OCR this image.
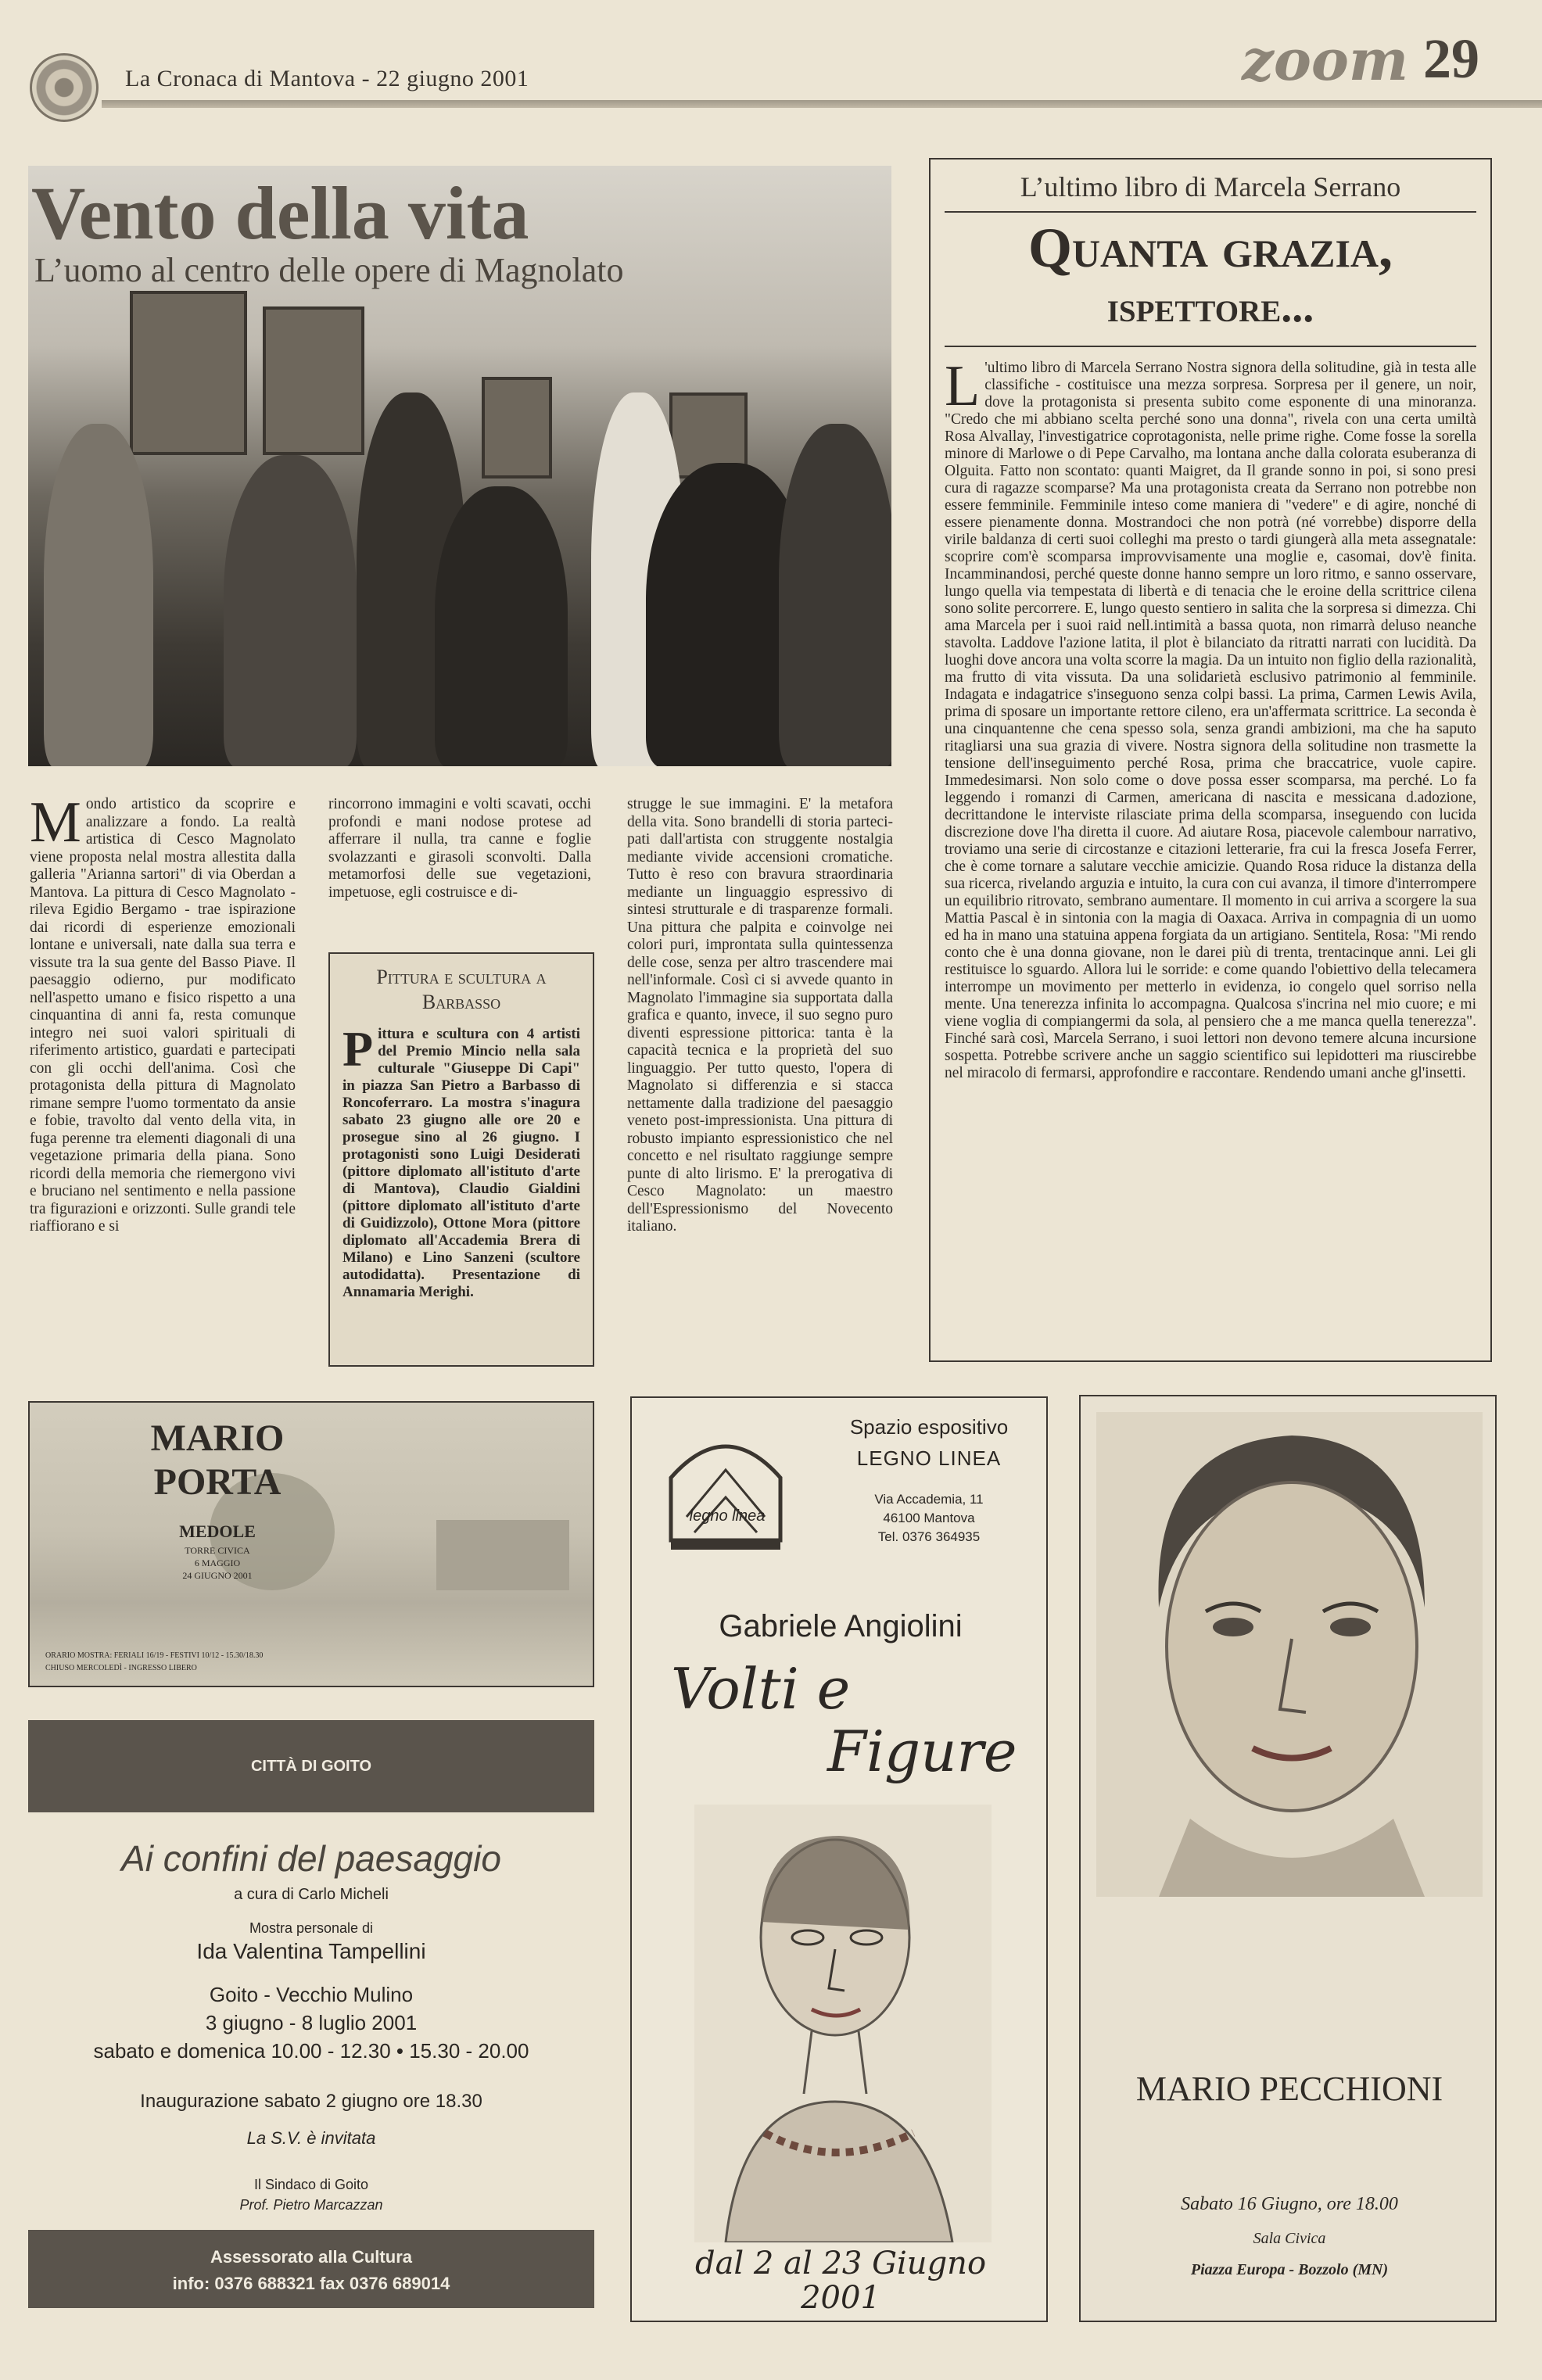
La Cronaca di Mantova - 22 giugno 2001	zoom 29
Vento della vita
L’uomo al centro delle opere di Magnolato
M ondo artistico da scoprire e analizzare a fondo. La realtà artistica di Cesco Magnolato viene proposta nelal mostra allestita dalla galleria "Arianna sartori" di via Oberdan a Mantova. La pittura di Cesco Magnolato - rileva Egidio Bergamo - trae ispirazione dai ricordi di esperienze emozionali lontane e universali, nate dalla sua terra e vissute tra la sua gente del Basso Piave. Il paesaggio odierno, pur modificato nell'aspetto umano e fisico rispetto a una cinquantina di anni fa, resta comunque integro nei suoi valori spirituali di riferimento artistico, guardati e partecipati con gli occhi dell'anima. Così che protagonista della pittura di Magnolato rimane sempre l'uomo tormentato da ansie e fobie, travolto dal vento della vita, in fuga perenne tra elementi diagonali di una vegetazione primaria della piana. Sono ricordi della memoria che riemergono vivi e bruciano nel sentimento e nella passione tra figurazioni e orizzonti. Sulle grandi tele riaffiorano e si
rincorrono immagini e volti scavati, occhi profondi e mani nodose protese ad afferrare il nulla, tra canne e foglie svolazzanti e girasoli sconvolti. Dalla metamorfosi delle sue vegetazioni, impetuose, egli costruisce e di-
strugge le sue immagini. E' la metafora della vita. Sono brandelli di storia parteci-pati dall'artista con struggente nostalgia mediante vivide accensioni cromatiche. Tutto è reso con bravura straordinaria mediante un linguaggio espressivo di sintesi strutturale e di trasparenze formali. Una pittura che palpita e coinvolge nei colori puri, improntata sulla quintessenza delle cose, senza per altro trascendere mai nell'informale. Così ci si avvede quanto in Magnolato l'immagine sia supportata dalla grafica e quanto, invece, il suo segno puro diventi espressione pittorica: tanta è la capacità tecnica e la proprietà del suo linguaggio. Per tutto questo, l'opera di Magnolato si differenzia e si stacca nettamente dalla tradizione del paesaggio veneto post-impressionista. Una pittura di robusto impianto espressionistico che nel concetto e nel risultato raggiunge sempre punte di alto lirismo. E' la prerogativa di Cesco Magnolato: un maestro dell'Espressionismo del Novecento italiano.
Pittura e scultura a Barbasso
P ittura e scultura con 4 artisti del Premio Mincio nella sala culturale "Giuseppe Di Capi" in piazza San Pietro a Barbasso di Roncoferraro. La mostra s'inagura sabato 23 giugno alle ore 20 e prosegue sino al 26 giugno. I protagonisti sono Luigi Desiderati (pittore diplomato all'istituto d'arte di Mantova), Claudio Gialdini (pittore diplomato all'istituto d'arte di Guidizzolo), Ottone Mora (pittore diplomato all'Accademia Brera di Milano) e Lino Sanzeni (scultore autodidatta). Presentazione di Annamaria Merighi.
L’ultimo libro di Marcela Serrano
Quanta grazia,
ispettore...
L 'ultimo libro di Marcela Serrano Nostra signora della solitudine, già in testa alle classifiche - costituisce una mezza sorpresa. Sorpresa per il genere, un noir, dove la protagonista si presenta subito come esponente di una minoranza. "Credo che mi abbiano scelta perché sono una donna", rivela con una certa umiltà Rosa Alvallay, l'investigatrice coprotagonista, nelle prime righe. Come fosse la sorella minore di Marlowe o di Pepe Carvalho, ma lontana anche dalla colorata esuberanza di Olguita. Fatto non scontato: quanti Maigret, da Il grande sonno in poi, si sono presi cura di ragazze scomparse? Ma una protagonista creata da Serrano non potrebbe non essere femminile. Femminile inteso come maniera di "vedere" e di agire, nonché di essere pienamente donna. Mostrandoci che non potrà (né vorrebbe) disporre della virile baldanza di certi suoi colleghi ma presto o tardi giungerà alla meta assegnatale: scoprire com'è scomparsa improvvisamente una moglie e, casomai, dov'è finita. Incamminandosi, perché queste donne hanno sempre un loro ritmo, e sanno osservare, lungo quella via tempestata di libertà e di tenacia che le eroine della scrittrice cilena sono solite percorrere. E, lungo questo sentiero in salita che la sorpresa si dimezza. Chi ama Marcela per i suoi raid nell.intimità a bassa quota, non rimarrà deluso neanche stavolta. Laddove l'azione latita, il plot è bilanciato da ritratti narrati con lucidità. Da luoghi dove ancora una volta scorre la magia. Da un intuito non figlio della razionalità, ma frutto di vita vissuta. Da una solidarietà esclusivo patrimonio al femminile. Indagata e indagatrice s'inseguono senza colpi bassi. La prima, Carmen Lewis Avila, prima di sposare un importante rettore cileno, era un'affermata scrittrice. La seconda è una cinquantenne che cena spesso sola, senza grandi ambizioni, ma che ha saputo ritagliarsi una sua grazia di vivere. Nostra signora della solitudine non trasmette la tensione dell'inseguimento perché Rosa, prima che braccatrice, vuole capire. Immedesimarsi. Non solo come o dove possa esser scomparsa, ma perché. Lo fa leggendo i romanzi di Carmen, americana di nascita e messicana d.adozione, decrittandone le interviste rilasciate prima della scomparsa, inseguendo con lucida discrezione dove l'ha diretta il cuore. Ad aiutare Rosa, piacevole calembour narrativo, troviamo una serie di circostanze e citazioni letterarie, fra cui la fresca Josefa Ferrer, che è come tornare a salutare vecchie amicizie. Quando Rosa riduce la distanza della sua ricerca, rivelando arguzia e intuito, la cura con cui avanza, il timore d'interrompere un equilibrio ritrovato, sembrano aumentare. Il momento in cui arriva a scorgere la sua Mattia Pascal è in sintonia con la magia di Oaxaca. Arriva in compagnia di un uomo ed ha in mano una statuina appena forgiata da un artigiano. Sentitela, Rosa: "Mi rendo conto che è una donna giovane, non le darei più di trenta, trentacinque anni. Lei gli restituisce lo sguardo. Allora lui le sorride: e come quando l'obiettivo della telecamera interrompe un movimento per metterlo in evidenza, io congelo quel sorriso nella mente. Una tenerezza infinita lo accompagna. Qualcosa s'incrina nel mio cuore; e mi viene voglia di compiangermi da sola, al pensiero che a me manca quella tenerezza". Finché sarà così, Marcela Serrano, i suoi lettori non devono temere alcuna incursione sospetta. Potrebbe scrivere anche un saggio scientifico sui lepidotteri ma riuscirebbe nel miracolo di fermarsi, approfondire e raccontare. Rendendo umani anche gl'insetti.
MARIO
PORTA
MEDOLE
TORRE CIVICA
6 MAGGIO
24 GIUGNO 2001
ORARIO MOSTRA: FERIALI 16/19 - FESTIVI 10/12 - 15.30/18.30
CHIUSO MERCOLEDÌ - INGRESSO LIBERO
CITTÀ DI GOITO
Ai confini del paesaggio
a cura di Carlo Micheli
Mostra personale di
Ida Valentina Tampellini
Goito - Vecchio Mulino
3 giugno - 8 luglio 2001
sabato e domenica 10.00 - 12.30 • 15.30 - 20.00
Inaugurazione sabato 2 giugno ore 18.30
La S.V. è invitata
Il Sindaco di Goito
Prof. Pietro Marcazzan
Assessorato alla Cultura
info: 0376 688321 fax 0376 689014
legno linea
Spazio espositivo
LEGNO LINEA
Via Accademia, 11
46100 Mantova
Tel. 0376 364935
Gabriele Angiolini
Volti e
Figure
dal 2 al 23 Giugno
2001
MARIO PECCHIONI
Sabato 16 Giugno, ore 18.00
Sala Civica
Piazza Europa - Bozzolo (MN)
